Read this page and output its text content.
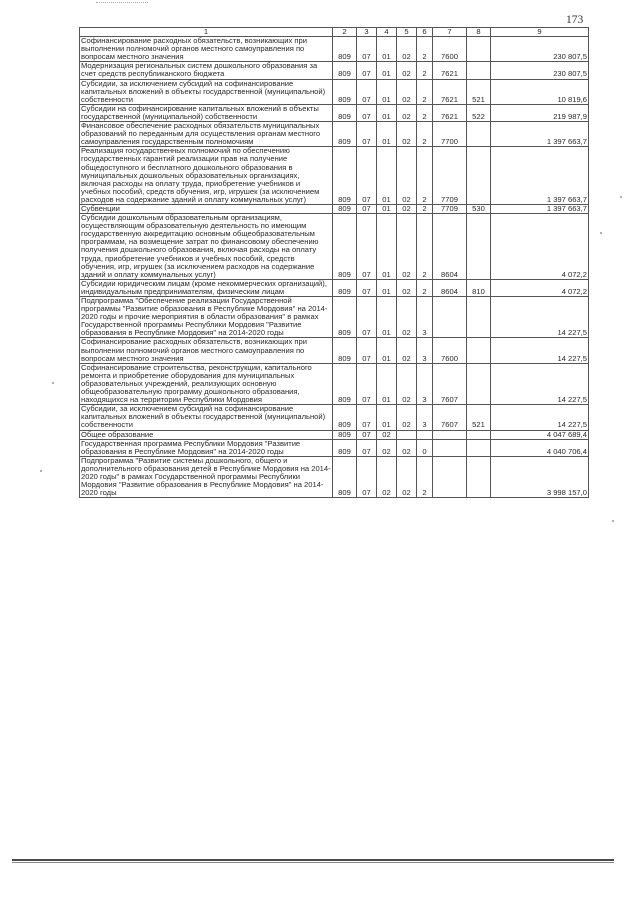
173
1	2	3	4	5	6	7	8	9
Софинансирование расходных обязательств, возникающих при выполнении полномочий органов местного самоуправления по вопросам местного значения	809	07	01	02	2	7600		230 807,5
Модернизация региональных систем дошкольного образования за счет средств республиканского бюджета	809	07	01	02	2	7621		230 807,5
Субсидии, за исключением субсидий на софинансирование капитальных вложений в объекты государственной (муниципальной) собственности	809	07	01	02	2	7621	521	10 819,6
Субсидии на софинансирование капитальных вложений в объекты государственной (муниципальной) собственности	809	07	01	02	2	7621	522	219 987,9
Финансовое обеспечение расходных обязательств муниципальных образований по переданным для осуществления органам местного самоуправления государственным полномочиям	809	07	01	02	2	7700		1 397 663,7
Реализация государственных полномочий по обеспечению государственных гарантий реализации прав на получение общедоступного и бесплатного дошкольного образования в муниципальных дошкольных образовательных организациях, включая расходы на оплату труда, приобретение учебников и учебных пособий, средств обучения, игр, игрушек (за исключением расходов на содержание зданий и оплату коммунальных услуг)	809	07	01	02	2	7709		1 397 663,7
Субвенции	809	07	01	02	2	7709	530	1 397 663,7
Субсидии дошкольным образовательным организациям, осуществляющим образовательную деятельность по имеющим государственную аккредитацию основным общеобразовательным программам, на возмещение затрат по финансовому обеспечению получения дошкольного образования, включая расходы на оплату труда, приобретение учебников и учебных пособий, средств обучения, игр, игрушек (за исключением расходов на содержание зданий и оплату коммунальных услуг)	809	07	01	02	2	8604		4 072,2
Субсидии юридическим лицам (кроме некоммерческих организаций), индивидуальным предпринимателям, физическим лицам	809	07	01	02	2	8604	810	4 072,2
Подпрограмма "Обеспечение реализации Государственной программы "Развитие образования в Республике Мордовия" на 2014-2020 годы и прочие мероприятия в области образования" в рамках Государственной программы Республики Мордовия "Развитие образования в Республике Мордовия" на 2014-2020 годы	809	07	01	02	3			14 227,5
Софинансирование расходных обязательств, возникающих при выполнении полномочий органов местного самоуправления по вопросам местного значения	809	07	01	02	3	7600		14 227,5
Софинансирование строительства, реконструкции, капитального ремонта и приобретение оборудования для муниципальных образовательных учреждений, реализующих основную общеобразовательную программу дошкольного образования, находящихся на территории Республики Мордовия	809	07	01	02	3	7607		14 227,5
Субсидии, за исключением субсидий на софинансирование капитальных вложений в объекты государственной (муниципальной) собственности	809	07	01	02	3	7607	521	14 227,5
Общее образование	809	07	02					4 047 689,4
Государственная программа Республики Мордовия "Развитие образования в Республике Мордовия" на 2014-2020 годы	809	07	02	02	0			4 040 706,4
Подпрограмма "Развитие системы дошкольного, общего и дополнительного образования детей в Республике Мордовия на 2014-2020 годы" в рамках Государственной программы Республики Мордовия "Развитие образования в Республике Мордовия" на 2014-2020 годы	809	07	02	02	2			3 998 157,0
